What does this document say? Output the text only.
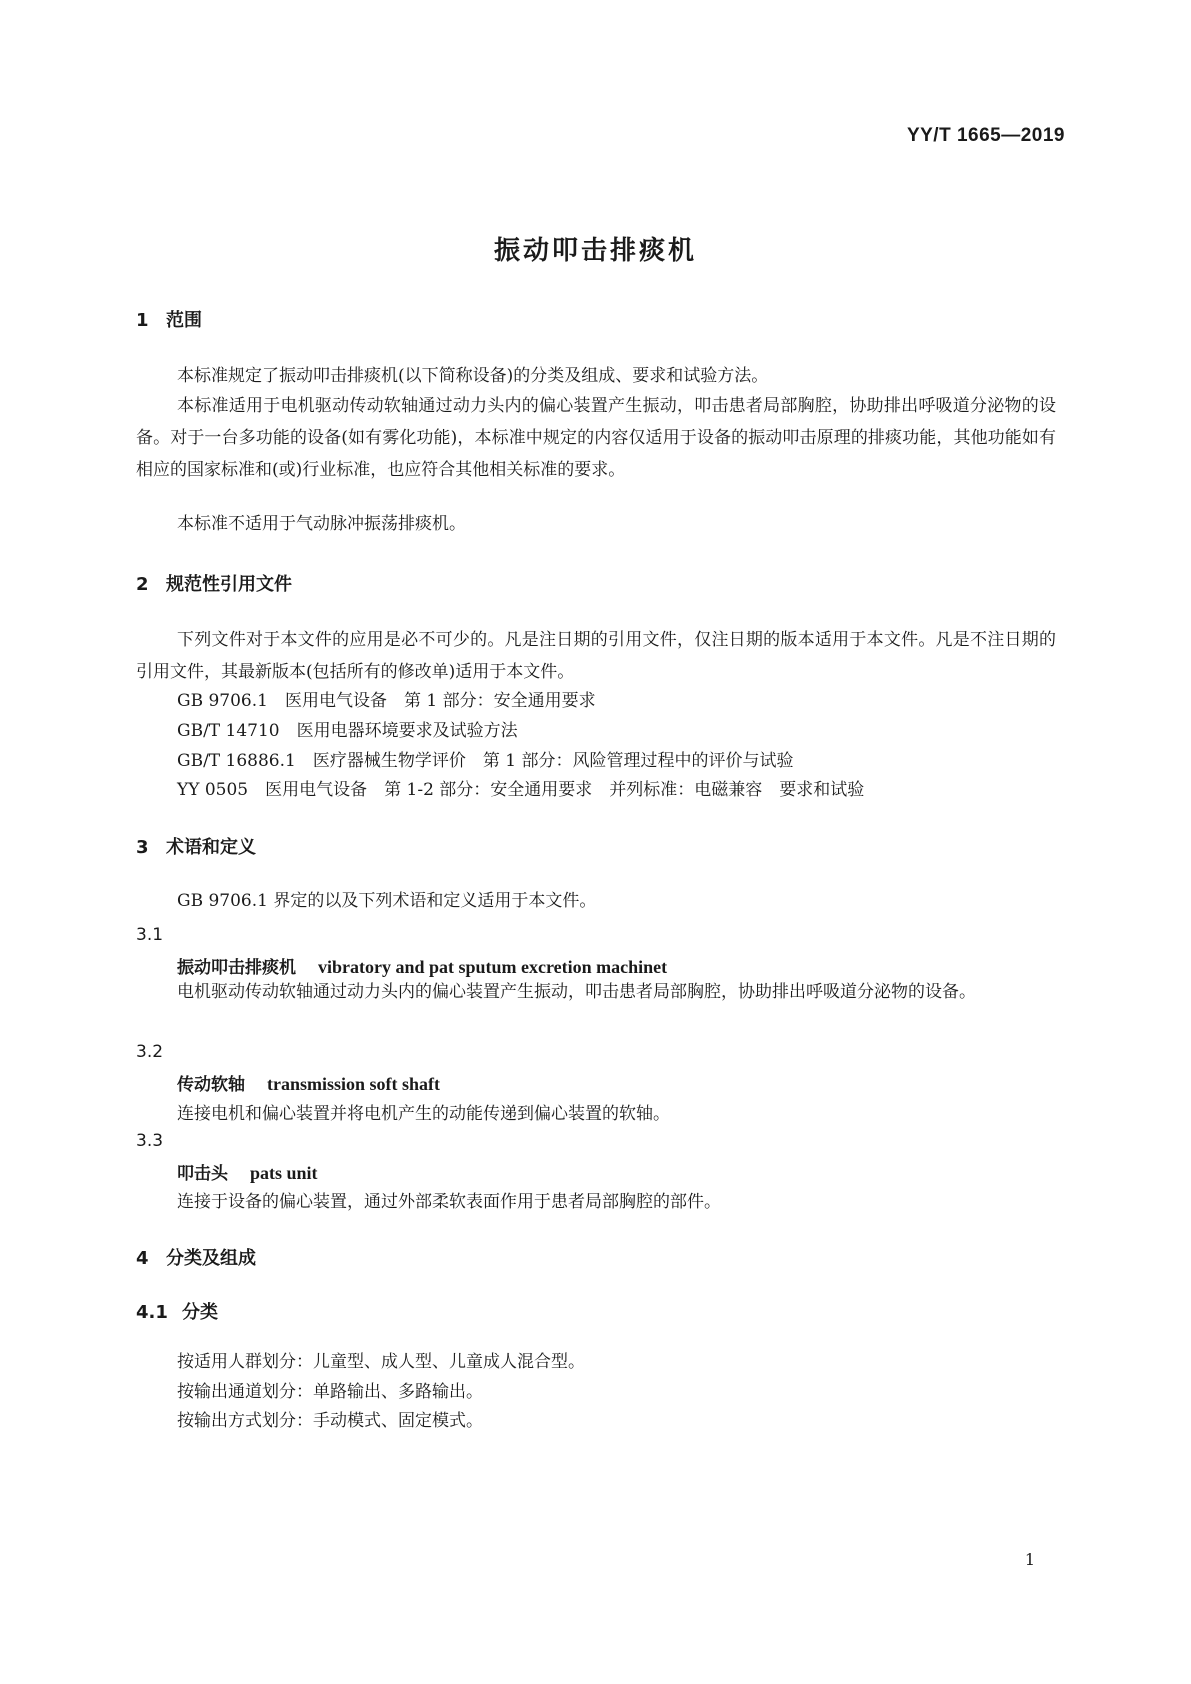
YY/T 1665—2019
振动叩击排痰机
1 范围
本标准规定了振动叩击排痰机(以下简称设备)的分类及组成、要求和试验方法。
本标准适用于电机驱动传动软轴通过动力头内的偏心装置产生振动，叩击患者局部胸腔，协助排出呼吸道分泌物的设备。对于一台多功能的设备(如有雾化功能)，本标准中规定的内容仅适用于设备的振动叩击原理的排痰功能，其他功能如有相应的国家标准和(或)行业标准，也应符合其他相关标准的要求。
本标准不适用于气动脉冲振荡排痰机。
2 规范性引用文件
下列文件对于本文件的应用是必不可少的。凡是注日期的引用文件，仅注日期的版本适用于本文件。凡是不注日期的引用文件，其最新版本(包括所有的修改单)适用于本文件。
GB 9706.1　医用电气设备　第 1 部分：安全通用要求
GB/T 14710　医用电器环境要求及试验方法
GB/T 16886.1　医疗器械生物学评价　第 1 部分：风险管理过程中的评价与试验
YY 0505　医用电气设备　第 1-2 部分：安全通用要求　并列标准：电磁兼容　要求和试验
3 术语和定义
GB 9706.1 界定的以及下列术语和定义适用于本文件。
3.1
振动叩击排痰机 vibratory and pat sputum excretion machinet
电机驱动传动软轴通过动力头内的偏心装置产生振动，叩击患者局部胸腔，协助排出呼吸道分泌物的设备。
3.2
传动软轴 transmission soft shaft
连接电机和偏心装置并将电机产生的动能传递到偏心装置的软轴。
3.3
叩击头 pats unit
连接于设备的偏心装置，通过外部柔软表面作用于患者局部胸腔的部件。
4 分类及组成
4.1 分类
按适用人群划分：儿童型、成人型、儿童成人混合型。
按输出通道划分：单路输出、多路输出。
按输出方式划分：手动模式、固定模式。
1
